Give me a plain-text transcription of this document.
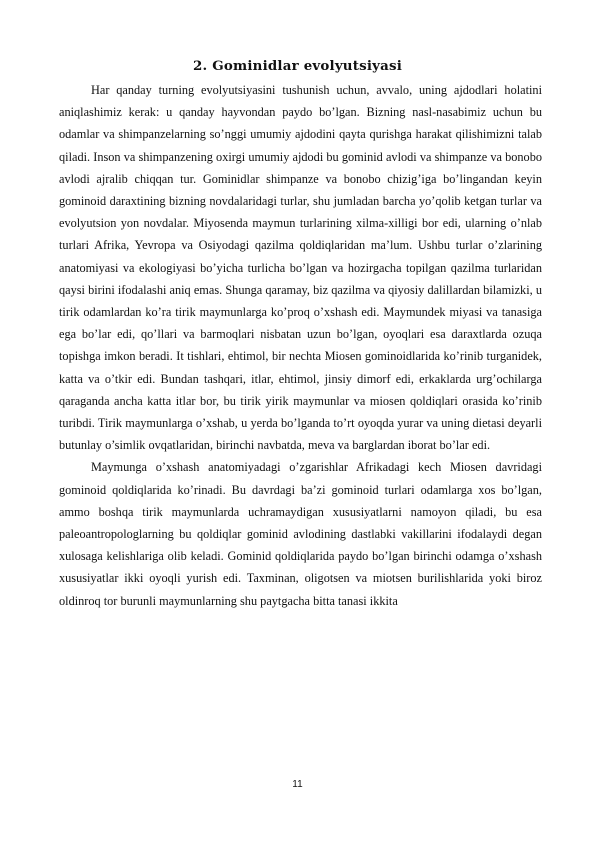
2. Gominidlar evolyutsiyasi

Har qanday turning evolyutsiyasini tushunish uchun, avvalo, uning ajdodlari holatini aniqlashimiz kerak: u qanday hayvondan paydo bo’lgan. Bizning nasl-nasabimiz uchun bu odamlar va shimpanzelarning so’nggi umumiy ajdodini qayta qurishga harakat qilishimizni talab qiladi. Inson va shimpanzening oxirgi umumiy ajdodi bu gominid avlodi va shimpanze va bonobo avlodi ajralib chiqqan tur. Gominidlar shimpanze va bonobo chizig’iga bo’lingandan keyin gominoid daraxtining bizning novdalaridagi turlar, shu jumladan barcha yo’qolib ketgan turlar va evolyutsion yon novdalar. Miyosenda maymun turlarining xilma-xilligi bor edi, ularning o’nlab turlari Afrika, Yevropa va Osiyodagi qazilma qoldiqlaridan ma’lum. Ushbu turlar o’zlarining anatomiyasi va ekologiyasi bo’yicha turlicha bo’lgan va hozirgacha topilgan qazilma turlaridan qaysi birini ifodalashi aniq emas. Shunga qaramay, biz qazilma va qiyosiy dalillardan bilamizki, u tirik odamlardan ko’ra tirik maymunlarga ko’proq o’xshash edi. Maymundek miyasi va tanasiga ega bo’lar edi, qo’llari va barmoqlari nisbatan uzun bo’lgan, oyoqlari esa daraxtlarda ozuqa topishga imkon beradi. It tishlari, ehtimol, bir nechta Miosen gominoidlarida ko’rinib turganidek, katta va o’tkir edi. Bundan tashqari, itlar, ehtimol, jinsiy dimorf edi, erkaklarda urg’ochilarga qaraganda ancha katta itlar bor, bu tirik yirik maymunlar va miosen qoldiqlari orasida ko’rinib turibdi. Tirik maymunlarga o’xshab, u yerda bo’lganda to’rt oyoqda yurar va uning dietasi deyarli butunlay o’simlik ovqatlaridan, birinchi navbatda, meva va barglardan iborat bo’lar edi.

Maymunga o’xshash anatomiyadagi o’zgarishlar Afrikadagi kech Miosen davridagi gominoid qoldiqlarida ko’rinadi. Bu davrdagi ba’zi gominoid turlari odamlarga xos bo’lgan, ammo boshqa tirik maymunlarda uchramaydigan xususiyatlarni namoyon qiladi, bu esa paleoantropologlarning bu qoldiqlar gominid avlodining dastlabki vakillarini ifodalaydi degan xulosaga kelishlariga olib keladi. Gominid qoldiqlarida paydo bo’lgan birinchi odamga o’xshash xususiyatlar ikki oyoqli yurish edi. Taxminan, oligotsen va miotsen burilishlarida yoki biroz oldinroq tor burunli maymunlarning shu paytgacha bitta tanasi ikkita

11
